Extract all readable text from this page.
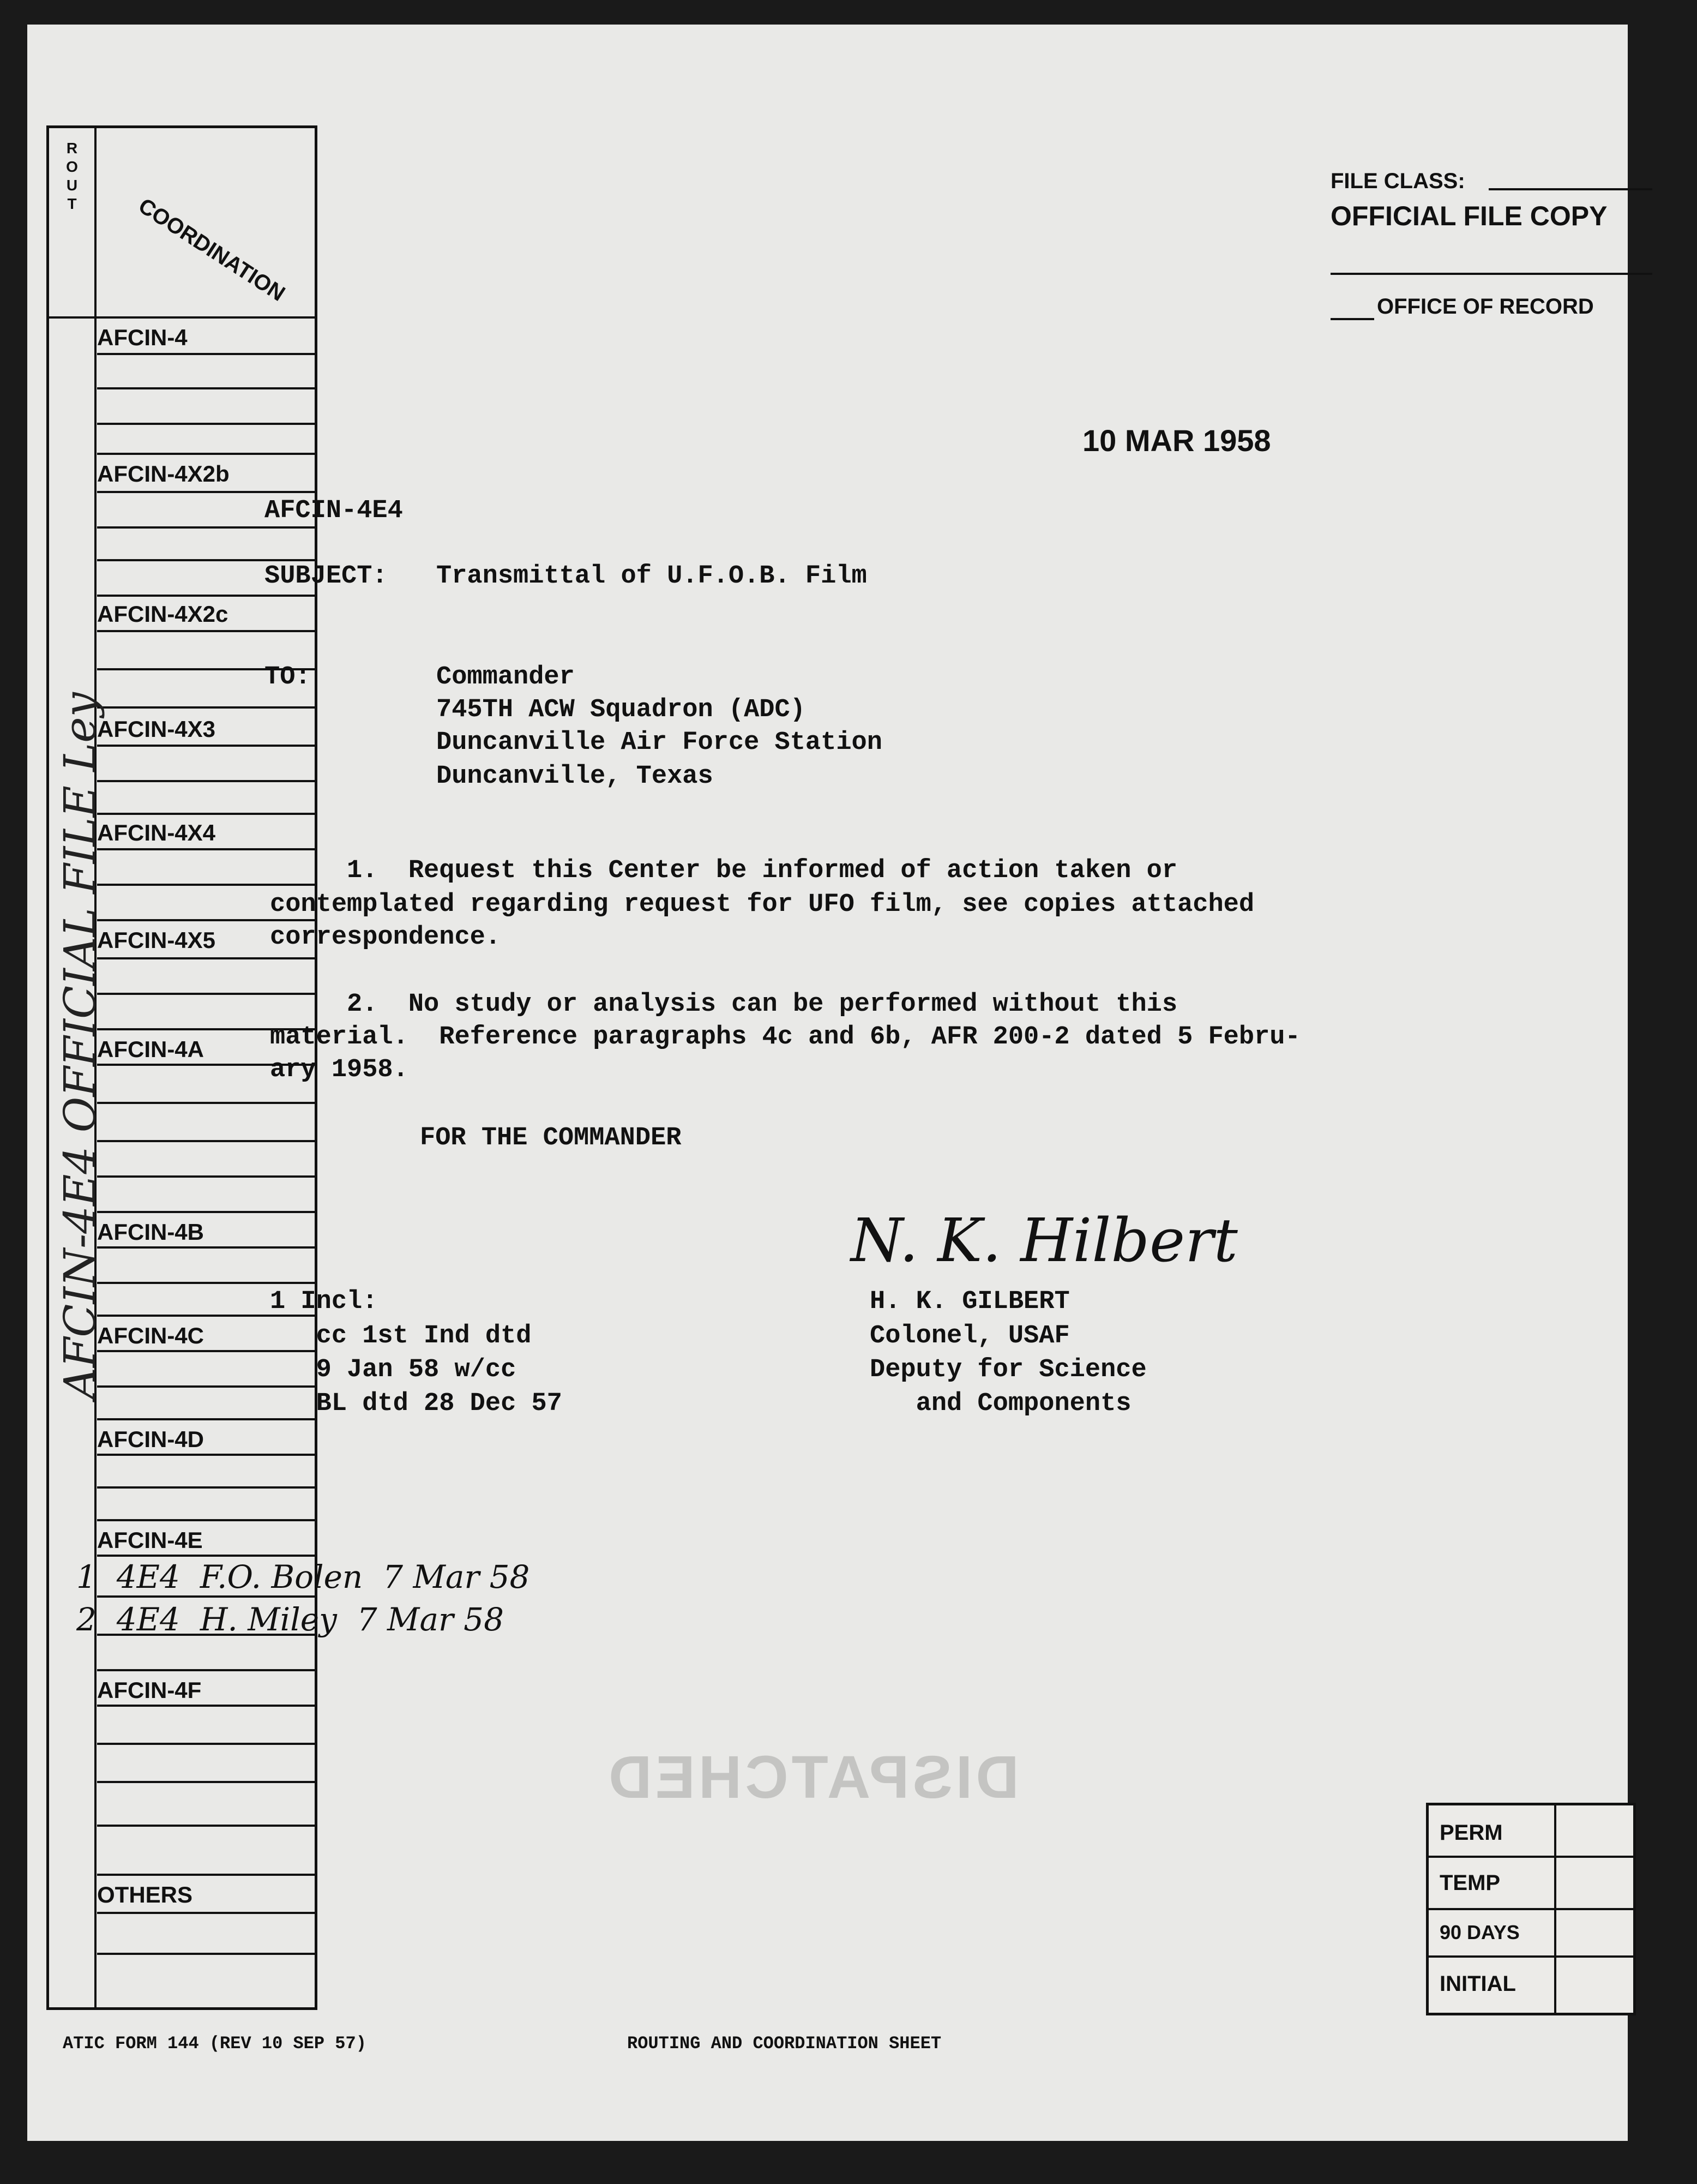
R O U T	COORDINATION
AFCIN-4
AFCIN-4X2b
AFCIN-4X2c
AFCIN-4X3
AFCIN-4X4
AFCIN-4X5
AFCIN-4A
AFCIN-4B
AFCIN-4C
AFCIN-4D
AFCIN-4E
AFCIN-4F
OTHERS
AFCIN-4E4 OFFICIAL FILE Ley
1 4E4 F.O. Bolen 7 Mar 58
2 4E4 H. Miley 7 Mar 58
FILE CLASS:
OFFICIAL FILE COPY
OFFICE OF RECORD
10 MAR 1958
AFCIN-4E4
SUBJECT: Transmittal of U.F.O.B. Film
TO:	Commander
745TH ACW Squadron (ADC)
Duncanville Air Force Station
Duncanville, Texas
1.  Request this Center be informed of action taken or
contemplated regarding request for UFO film, see copies attached
correspondence.
2.  No study or analysis can be performed without this
material.  Reference paragraphs 4c and 6b, AFR 200-2 dated 5 Febru-
ary 1958.
FOR THE COMMANDER
N. K. Hilbert
1 Incl:
cc 1st Ind dtd
9 Jan 58 w/cc
BL dtd 28 Dec 57
H. K. GILBERT
Colonel, USAF
Deputy for Science
and Components
DISPATCHED
PERM
TEMP
90 DAYS
INITIAL
ATIC FORM 144 (REV 10 SEP 57)	ROUTING AND COORDINATION SHEET
